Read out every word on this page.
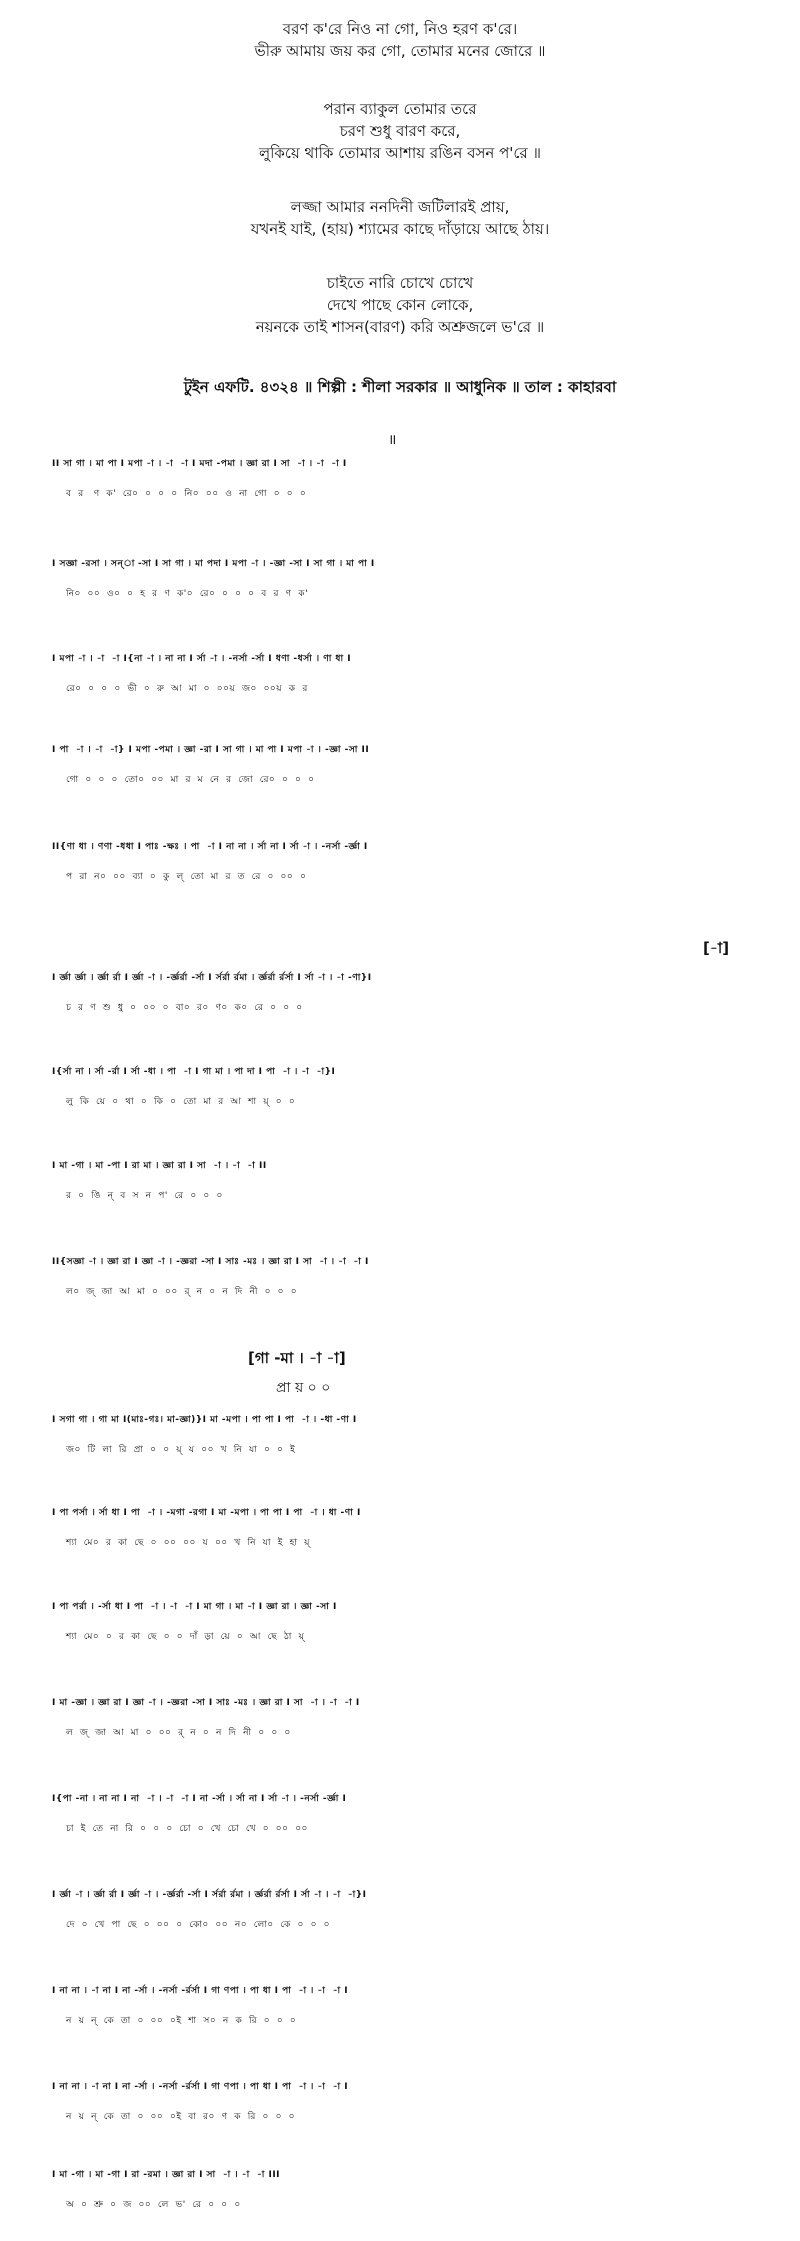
বরণ ক'রে নিও না গো, নিও হরণ ক'রে।
ভীরু আমায় জয় কর গো, তোমার মনের জোরে ॥
পরান ব্যাকুল তোমার তরে
চরণ শুধু বারণ করে,
লুকিয়ে থাকি তোমার আশায় রঙিন বসন প'রে ॥
লজ্জা আমার ননদিনী জটিলারই প্রায়,
যখনই যাই, (হায়) শ্যামের কাছে দাঁড়ায়ে আছে ঠায়।
চাইতে নারি চোখে চোখে
দেখে পাছে কোন লোকে,
নয়নকে তাই শাসন(বারণ) করি অশ্রুজলে ভ'রে ॥
টুইন এফটি. ৪৩২৪ ॥ শিল্পী : শীলা সরকার ॥ আধুনিক ॥ তাল : কাহারবা
॥
II সা গা । মা পা I মপা -া । -া  -া I মদা -পমা । জ্ঞা রা I সা  -া । -া  -া I
ব  র   ণ  ক'  রে০  ০  ০  ০  নি০  ০০  ও  না  গো  ০  ০  ০
I সজ্ঞা -রসা । সন্‌া -সা I সা গা । মা পদা I মপা -া । -জ্ঞা -সা I সা গা । মা পা I
নি০  ০০  ও০  ০  হ  র  ণ  ক'০  রে০  ০  ০  ০  ব  র  ণ  ক'
I মপা -া । -া  -া I{না -া । না না I র্সা -া । -নর্সা -র্সা I ধণা -ধর্সা । ণা ধা I
রে০  ০  ০  ০  ভী  ০  রু  আ  মা  ০  ০০য়  জ০  ০০য়  ক  র
I পা  -া । -া  -া} I মপা -পমা । জ্ঞা -রা I সা গা । মা পা I মপা -া । -জ্ঞা -সা II
গো  ০  ০  ০  তো০  ০০  মা  র  ম  নে  র  জো  রে০  ০  ০  ০
II{ণা ধা । ণণা -ধধা I পাঃ -ক্ষঃ । পা  -া I না না । র্সা না I র্সা -া । -নর্সা -র্জ্ঞা I
প  রা  ন০  ০০  ব্যা  ০  কু  ল্  তো  মা  র  ত  রে  ০  ০০  ০
[-া]
I র্জ্ঞা র্জ্ঞা । র্জ্ঞা র্রা I র্জ্ঞা -া । -র্জ্ঞর্রা -র্সা I র্সর্রা র্রমা । র্জ্ঞর্রা র্রর্সা I র্সা -া । -া -ণা}I
চ  র  ণ  শু  ধু  ০  ০০  ০  বা০  র০  ণ০  ক০  রে  ০  ০  ০
I{র্সা না । র্সা -র্রা I র্সা -ধা । পা  -া I গা মা । পা দা I পা  -া । -া  -া}I
লু  কি  য়ে  ০  থা  ০  কি  ০  তো  মা  র  আ  শা  য়্  ০  ০
I মা -গা । মা -পা I রা মা । জ্ঞা রা I সা  -া । -া  -া II
র  ০  ঙি  ন্  ব  স  ন  প'  রে  ০  ০  ০
II{সজ্ঞা -া । জ্ঞা রা I জ্ঞা -া । -জ্ঞরা -সা I সাঃ -মঃ । জ্ঞা রা I সা  -া । -া  -া I
ল০  জ্  জা  আ  মা  ০  ০০  র্  ন  ০  ন  দি  নী  ০  ০  ০
[গা -মা । -া -া]
প্রা য় ০ ০
I সগা গা । গা মা I(মাঃ-গঃ। মা-জ্ঞা)}I মা -মপা । পা পা I পা  -া । -ধা -ণা I
জ০  টি  লা  রি  প্রা  ০  ০  য়্  য  ০০  খ  নি  যা  ০  ০  ই
I পা পর্সা । র্সা ধা I পা  -া । -মগা -রগা I মা -মপা । পা পা I পা  -া । ধা -ণা I
শ্যা  মে০  র  কা  ছে  ০  ০০  ০০  য  ০০  খ  নি  যা  ই  হা  য়্
I পা পর্রা । -র্সা ধা I পা  -া । -া  -া I মা গা । মা -া I জ্ঞা রা । জ্ঞা -সা I
শ্যা  মে০  ০  র  কা  ছে  ০  ০  দাঁ  ড়া  য়ে  ০  আ  ছে  ঠা  য়্
I মা -জ্ঞা । জ্ঞা রা I জ্ঞা -া । -জ্ঞরা -সা I সাঃ -মঃ । জ্ঞা রা I সা  -া । -া  -া I
ল  জ্  জা  আ  মা  ০  ০০  র্  ন  ০  ন  দি  নী  ০  ০  ০
I{পা -না । না না I না  -া । -া  -া I না -র্সা । র্সা না I র্সা -া । -নর্সা -র্জ্ঞা I
চা  ই  তে  না  রি  ০  ০  ০  চো  ০  খে  চো  খে  ০  ০০  ০০
I র্জ্ঞা -া । র্জ্ঞা র্রা I র্জ্ঞা -া । -র্জ্ঞর্রা -র্সা I র্সর্রা র্রমা । র্জ্ঞর্রা র্রর্সা I র্সা -া । -া  -া}I
দে  ০  খে  পা  ছে  ০  ০০  ০  কো০  ০০  ন০  লো০  কে  ০  ০  ০
I না না । -া না I না -র্সা । -নর্সা -র্রর্সা I গা ণপা । পা ধা I পা  -া । -া  -া I
ন  য়  ন্  কে  তা  ০  ০০  ০ই  শা  স০  ন  ক  রি  ০  ০  ০
I না না । -া না I না -র্সা । -নর্সা -র্রর্সা I গা ণপা । পা ধা I পা  -া । -া  -া I
ন  য়  ন্  কে  তা  ০  ০০  ০ই  বা  র০  ণ  ক  রি  ০  ০  ০
I মা -গা । মা -গা I রা -রমা । জ্ঞা রা I সা  -া । -া  -া III
অ  ০  শ্রু  ০  জ  ০০  লে  ভ'  রে  ০  ০  ০
